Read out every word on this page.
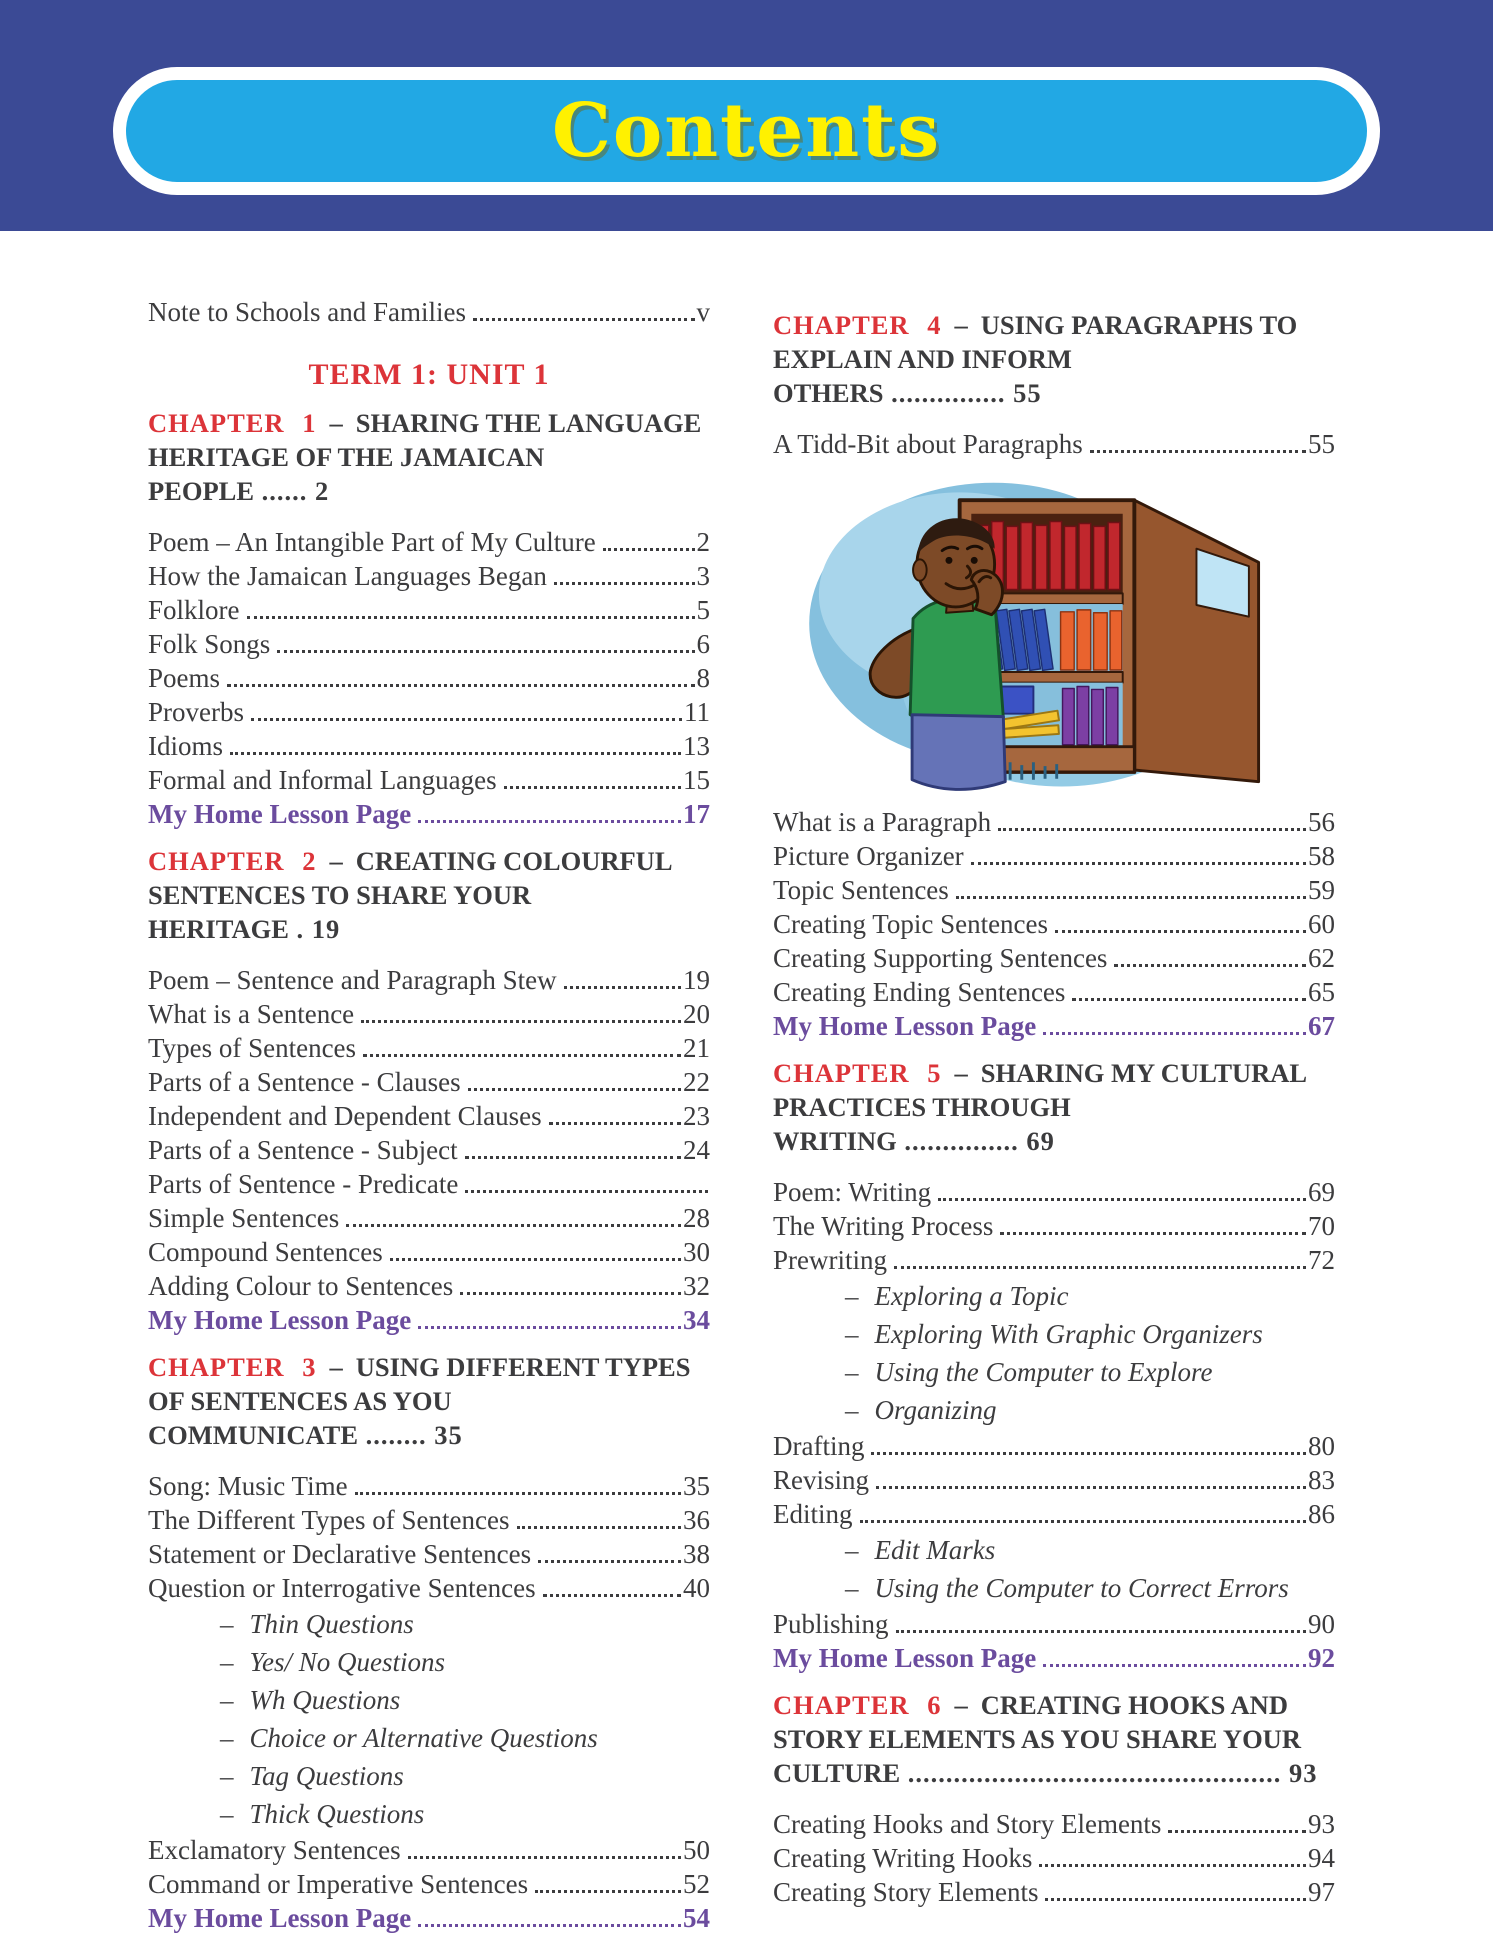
Contents

Note to Schools and Families	v

TERM 1: UNIT 1
CHAPTER 1 – SHARING THE LANGUAGE HERITAGE OF THE JAMAICAN PEOPLE ...... 2

Poem – An Intangible Part of My Culture	2

How the Jamaican Languages Began	3

Folklore	5

Folk Songs	6

Poems	8

Proverbs	11

Idioms	13

Formal and Informal Languages	15

My Home Lesson Page	17

CHAPTER 2 – CREATING COLOURFUL SENTENCES TO SHARE YOUR HERITAGE . 19

Poem – Sentence and Paragraph Stew	19

What is a Sentence	20

Types of Sentences	21

Parts of a Sentence - Clauses	22

Independent and Dependent Clauses	23

Parts of a Sentence - Subject	24

Parts of Sentence - Predicate

Simple Sentences	28

Compound Sentences	30

Adding Colour to Sentences	32

My Home Lesson Page	34

CHAPTER 3 – USING DIFFERENT TYPES OF SENTENCES AS YOU COMMUNICATE ........ 35

Song: Music Time	35

The Different Types of Sentences	36

Statement or Declarative Sentences	38

Question or Interrogative Sentences	40

– Thin Questions

– Yes/ No Questions

– Wh Questions

– Choice or Alternative Questions

– Tag Questions

– Thick Questions

Exclamatory Sentences	50

Command or Imperative Sentences	52

My Home Lesson Page	54

CHAPTER 4 – USING PARAGRAPHS TO EXPLAIN AND INFORM OTHERS ............... 55

A Tidd-Bit about Paragraphs	55

What is a Paragraph	56

Picture Organizer	58

Topic Sentences	59

Creating Topic Sentences	60

Creating Supporting Sentences	62

Creating Ending Sentences	65

My Home Lesson Page	67

CHAPTER 5 – SHARING MY CULTURAL PRACTICES THROUGH WRITING ............... 69

Poem: Writing	69

The Writing Process	70

Prewriting	72

– Exploring a Topic

– Exploring With Graphic Organizers

– Using the Computer to Explore

– Organizing

Drafting	80

Revising	83

Editing	86

– Edit Marks

– Using the Computer to Correct Errors

Publishing	90

My Home Lesson Page	92

CHAPTER 6 – CREATING HOOKS AND STORY ELEMENTS AS YOU SHARE YOUR CULTURE ................................................. 93

Creating Hooks and Story Elements	93

Creating Writing Hooks	94

Creating Story Elements	97
